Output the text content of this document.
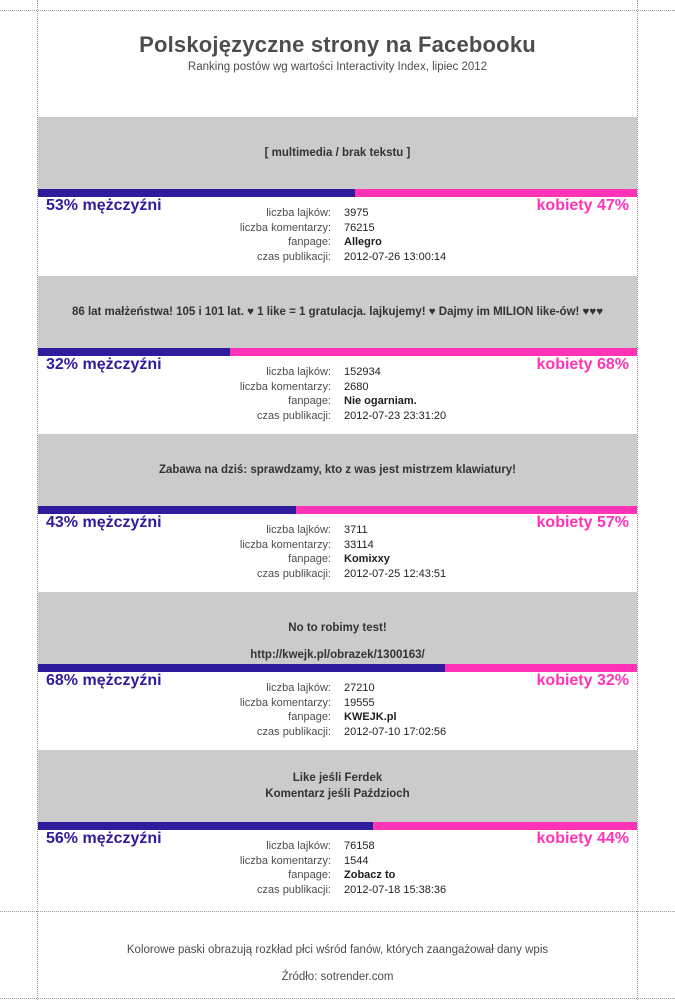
Polskojęzyczne strony na Facebooku
Ranking postów wg wartości Interactivity Index, lipiec 2012
[ multimedia / brak tekstu ]
53% mężczyźni	kobiety 47%
liczba lajków: 3975
liczba komentarzy: 76215
fanpage: Allegro
czas publikacji: 2012-07-26 13:00:14
86 lat małżeństwa! 105 i 101 lat. ♥ 1 like = 1 gratulacja. lajkujemy! ♥ Dajmy im MILION like-ów! ♥♥♥
32% mężczyźni	kobiety 68%
liczba lajków: 152934
liczba komentarzy: 2680
fanpage: Nie ogarniam.
czas publikacji: 2012-07-23 23:31:20
Zabawa na dziś: sprawdzamy, kto z was jest mistrzem klawiatury!
43% mężczyźni	kobiety 57%
liczba lajków: 3711
liczba komentarzy: 33114
fanpage: Komixxy
czas publikacji: 2012-07-25 12:43:51
No to robimy test!
http://kwejk.pl/obrazek/1300163/
68% mężczyźni	kobiety 32%
liczba lajków: 27210
liczba komentarzy: 19555
fanpage: KWEJK.pl
czas publikacji: 2012-07-10 17:02:56
Like jeśli Ferdek
Komentarz jeśli Paździoch
56% mężczyźni	kobiety 44%
liczba lajków: 76158
liczba komentarzy: 1544
fanpage: Zobacz to
czas publikacji: 2012-07-18 15:38:36
Kolorowe paski obrazują rozkład płci wśród fanów, których zaangażował dany wpis
Źródło: sotrender.com
